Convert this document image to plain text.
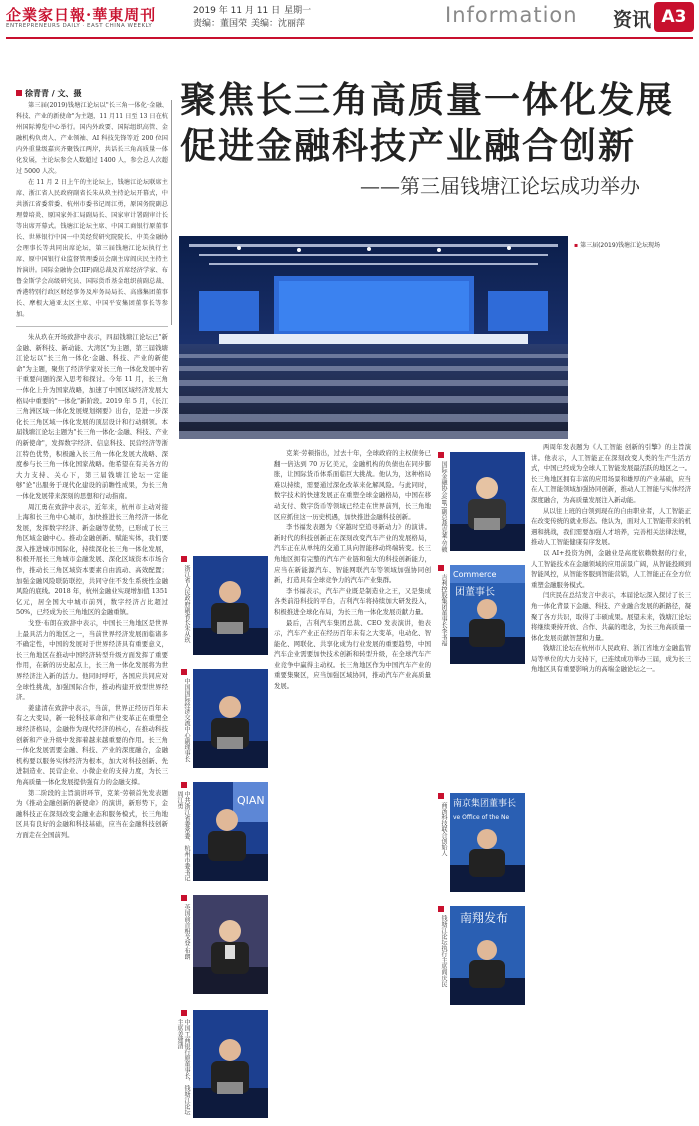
企業家日報·華東周刊
ENTREPRENEURS DAILY · EAST CHINA WEEKLY
2019 年 11 月 11 日 星期一
责编：董国荣 美编：沈丽萍	Information 资讯 A3
徐青青 / 文、摄	聚焦长三角高质量一体化发展
促进金融科技产业融合创新
——第三届钱塘江论坛成功举办

第三届(2019)钱塘江论坛以"长三角一体化·金融、科技、产业的新使命"为主题，11 月11 日至 13 日在杭州国际博览中心举行。国内外政要、国际组织高管、金融机构负责人、产业领袖、AI 科技先锋等近 200 位国内外重量级嘉宾齐聚钱江两岸，共话长三角高质量一体化发展，主论坛参会人数超过 1400 人，参会总人次超过 5000 人次。

在 11 月 2 日上午的主论坛上，钱塘江论坛联席主席、浙江省人民政府副省长朱从玖主持论坛开幕式，中共浙江省委常委、杭州市委书记周江勇，原国务院副总理曾培炎、原国家外汇局副局长、国家审计署副审计长等出席开幕式。钱塘江论坛主席、中国工商银行原董事长、世界银行中国一中美经贸研究院院长、中美金融协会理事长等共同出席论坛，第三届钱塘江论坛执行主席、原中国银行业监督管理委员会副主席阎庆民主持主旨演讲。国际金融协会(IIF)副总裁及首席经济学家、布鲁金斯学会高级研究员、国际货币基金组织前副总裁、香港特别行政区财经事务及库务局局长、高盛集团董事长、摩根大通亚太区主席、中国平安集团董事长等参加。

▪ 第三届(2019)钱塘江论坛现场

朱从玖在开场致辞中表示，四届钱塘江论坛已"新金融、新科技、新动能、大湾区"为主题，第三届钱塘江论坛以"长三角一体化·金融、科技、产业的新使命"为主题，聚焦了经济学家对长三角一体化发展中若干重要问题的深入思考和探讨。今年 11 月，长三角一体化上升为国家战略，加速了中国区域经济发展大格局中重要的"一体化"新阶段。2019 年 5 月，《长江三角洲区域一体化发展规划纲要》出台，是进一步深化长三角区域一体化发展的顶层设计和行动纲领。本届钱塘江论坛主题为"长三角一体化·金融、科技、产业的新使命"，发挥数字经济、信息科技、民营经济等浙江特色优势，积极融入长三角一体化发展大战略、深度参与长三角一体化国家战略。他希望在有关各方的大力支持、关心下，第三届钱塘江论坛一定能够"论"出服务于现代化建设的前瞻性成果，为长三角一体化发展带来深刻的思想和行动指南。

周江勇在致辞中表示，近年来，杭州市主动对接上海和长三角中心城市，加快推进长三角经济一体化发展，发挥数字经济、新金融等优势，已形成了长三角区域金融中心。推动金融创新、赋能实体，我们要深入推进城市国际化，持续深化长三角一体化发展，积极开展长三角城市金融发展、深化区域资本市场合作，推动长三角区域资本要素自由流动、高效配置；加强金融风险联防联控，共同守住不发生系统性金融风险的底线。2018 年，杭州金融业实现增加值 1351 亿元，居全国大中城市前列，数字经济占比超过 50%，已经成为长三角地区的金融重镇。

戈登·布朗在致辞中表示，中国长三角地区是世界上最具活力的地区之一，当前世界经济发展面临诸多不确定性，中国的发展对于世界经济具有重要意义，长三角地区在推动中国经济转型升级方面发挥了重要作用，在新的历史起点上，长三角一体化发展将为世界经济注入新的活力。他同时呼吁，各国应共同应对全球性挑战，加强国际合作，推动构建开放型世界经济。

姜建清在致辞中表示，当前，世界正经历百年未有之大变局，新一轮科技革命和产业变革正在重塑全球经济格局，金融作为现代经济的核心，在推动科技创新和产业升级中发挥着越来越重要的作用。长三角一体化发展需要金融、科技、产业的深度融合，金融机构要以服务实体经济为根本，加大对科技创新、先进制造业、民营企业、小微企业的支持力度，为长三角高质量一体化发展提供强有力的金融支撑。

第二阶段的主旨演讲环节，克莱·劳顿首先发表题为《推动金融创新的新使命》的演讲，新形势下，金融科技正在深刻改变金融业态和服务模式，长三角地区具有良好的金融和科技基础，应当在金融科技创新方面走在全国前列。

浙江省人民政府副省长朱从玖
中国国际经济交流中心副理事长
中共浙江省委常委、杭州市委书记周江勇	QIAN
英国前首相戈登·布朗
中国工商银行原董事长、钱塘江论坛主席姜建清

克莱·劳顿指出，过去十年，全球政府的主权债务已翻一倍达到 70 万亿美元，金融机构的负债也在同步膨胀，让国际货币体系面临巨大挑战。他认为，这种格局难以持续，需要通过深化改革来化解风险。与此同时，数字技术的快速发展正在重塑全球金融格局，中国在移动支付、数字货币等领域已经走在世界前列，长三角地区应抓住这一历史机遇，加快推进金融科技创新。

李书福发表题为《穿越时空追寻新动力》的演讲。新时代的科技创新正在深刻改变汽车产业的发展格局，汽车正在从单纯的交通工具向智能移动终端转变。长三角地区拥有完整的汽车产业链和强大的科技创新能力，应当在新能源汽车、智能网联汽车等领域加强协同创新，打造具有全球竞争力的汽车产业集群。

李书福表示，汽车产业既是制造业之王，又是集成各类前沿科技的平台，吉利汽车将持续加大研发投入，积极推进全球化布局，为长三角一体化发展贡献力量。

最后，吉利汽车集团总裁、CEO 发表演讲，他表示，汽车产业正在经历百年未有之大变革，电动化、智能化、网联化、共享化成为行业发展的重要趋势，中国汽车企业需要加快技术创新和转型升级，在全球汽车产业竞争中赢得主动权。长三角地区作为中国汽车产业的重要集聚区，应当加强区域协同，推动汽车产业高质量发展。

国际金融协会(IIF)副总裁克莱·劳顿
吉利控股集团董事长李书福 Commerce
团董事长
商汤科技联合创始人 南京集团董事长
ve Office of the Ne
钱塘江论坛执行主席阎庆民 南翔发布

两周年发表题为《人工智能 创新的引擎》的主旨演讲。他表示，人工智能正在深刻改变人类的生产生活方式，中国已经成为全球人工智能发展最活跃的地区之一。长三角地区拥有丰富的应用场景和雄厚的产业基础，应当在人工智能领域加强协同创新，推动人工智能与实体经济深度融合，为高质量发展注入新动能。

从以往上班的白领到现在的自由职业者，人工智能正在改变传统的就业形态。他认为，面对人工智能带来的机遇和挑战，我们需要加强人才培养，完善相关法律法规，推动人工智能健康有序发展。

以 AI+投资为例，金融业是高度依赖数据的行业，人工智能技术在金融领域的应用前景广阔，从智能投顾到智能风控，从智能客服到智能营销，人工智能正在全方位重塑金融服务模式。

闫庆民在总结发言中表示，本届论坛深入探讨了长三角一体化背景下金融、科技、产业融合发展的新路径，凝聚了各方共识，取得了丰硕成果。展望未来，钱塘江论坛将继续秉持开放、合作、共赢的理念，为长三角高质量一体化发展贡献智慧和力量。

钱塘江论坛在杭州市人民政府、浙江省地方金融监管局等单位的大力支持下，已连续成功举办三届，成为长三角地区具有重要影响力的高端金融论坛之一。
